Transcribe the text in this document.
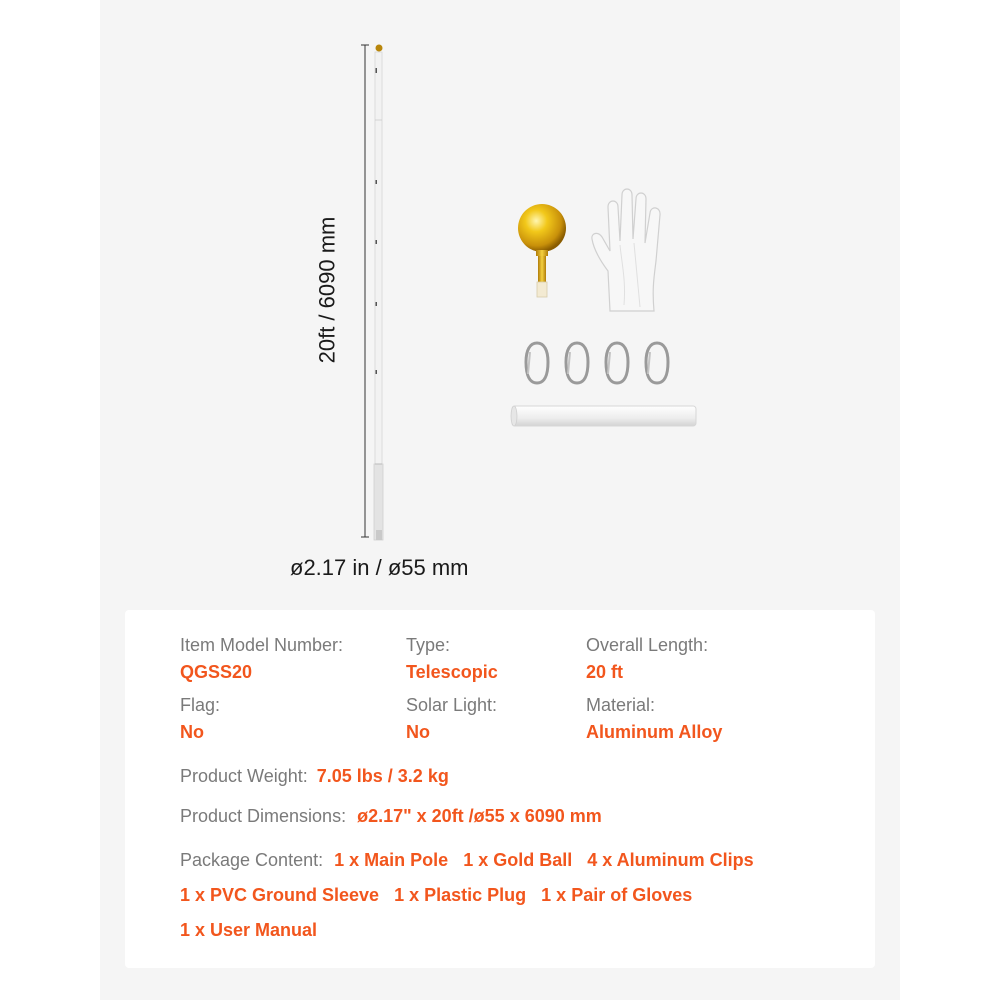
20ft / 6090 mm
ø2.17 in / ø55 mm
Item Model Number:
QGSS20
Type:
Telescopic
Overall Length:
20 ft
Flag:
No
Solar Light:
No
Material:
Aluminum Alloy
Product Weight: 7.05 lbs / 3.2 kg
Product Dimensions: ø2.17" x 20ft /ø55 x 6090 mm
Package Content: 1 x Main Pole 1 x Gold Ball 4 x Aluminum Clips
1 x PVC Ground Sleeve 1 x Plastic Plug 1 x Pair of Gloves
1 x User Manual
